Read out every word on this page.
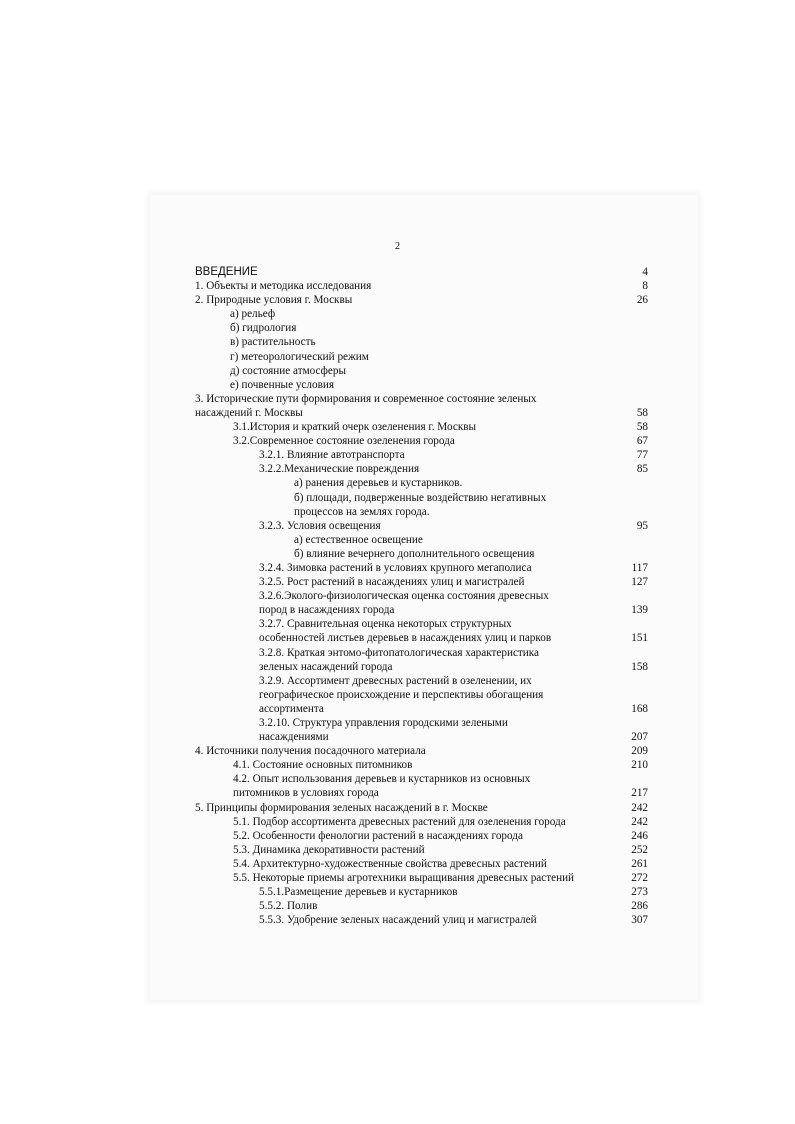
2
ВВЕДЕНИЕ	4
1. Объекты и методика исследования	8
2. Природные условия г. Москвы	26
а) рельеф
б) гидрология
в) растительность
г) метеорологический режим
д) состояние атмосферы
е) почвенные условия
3. Исторические пути формирования и современное состояние зеленых
насаждений г. Москвы	58
3.1.История и краткий очерк озеленения г. Москвы	58
3.2.Современное состояние озеленения города	67
3.2.1. Влияние автотранспорта	77
3.2.2.Механические повреждения	85
а) ранения деревьев и кустарников.
б) площади, подверженные воздействию негативных
процессов на землях города.
3.2.3. Условия освещения	95
а) естественное освещение
б) влияние вечернего дополнительного освещения
3.2.4. Зимовка растений в условиях крупного мегаполиса	117
3.2.5. Рост растений в насаждениях улиц и магистралей	127
3.2.6.Эколого-физиологическая оценка состояния древесных
пород в насаждениях города	139
3.2.7. Сравнительная оценка некоторых структурных
особенностей листьев деревьев в насаждениях улиц и парков	151
3.2.8. Краткая энтомо-фитопатологическая характеристика
зеленых насаждений города	158
3.2.9. Ассортимент древесных растений в озеленении, их
географическое происхождение и перспективы обогащения
ассортимента	168
3.2.10. Структура управления городскими зелеными
насаждениями	207
4. Источники получения посадочного материала	209
4.1. Состояние основных питомников	210
4.2. Опыт использования деревьев и кустарников из основных
питомников в условиях города	217
5. Принципы формирования зеленых насаждений в г. Москве	242
5.1. Подбор ассортимента древесных растений для озеленения города	242
5.2. Особенности фенологии растений в насаждениях города	246
5.3. Динамика декоративности растений	252
5.4. Архитектурно-художественные свойства древесных растений	261
5.5. Некоторые приемы агротехники выращивания древесных растений	272
5.5.1.Размещение деревьев и кустарников	273
5.5.2. Полив	286
5.5.3. Удобрение зеленых насаждений улиц и магистралей	307
